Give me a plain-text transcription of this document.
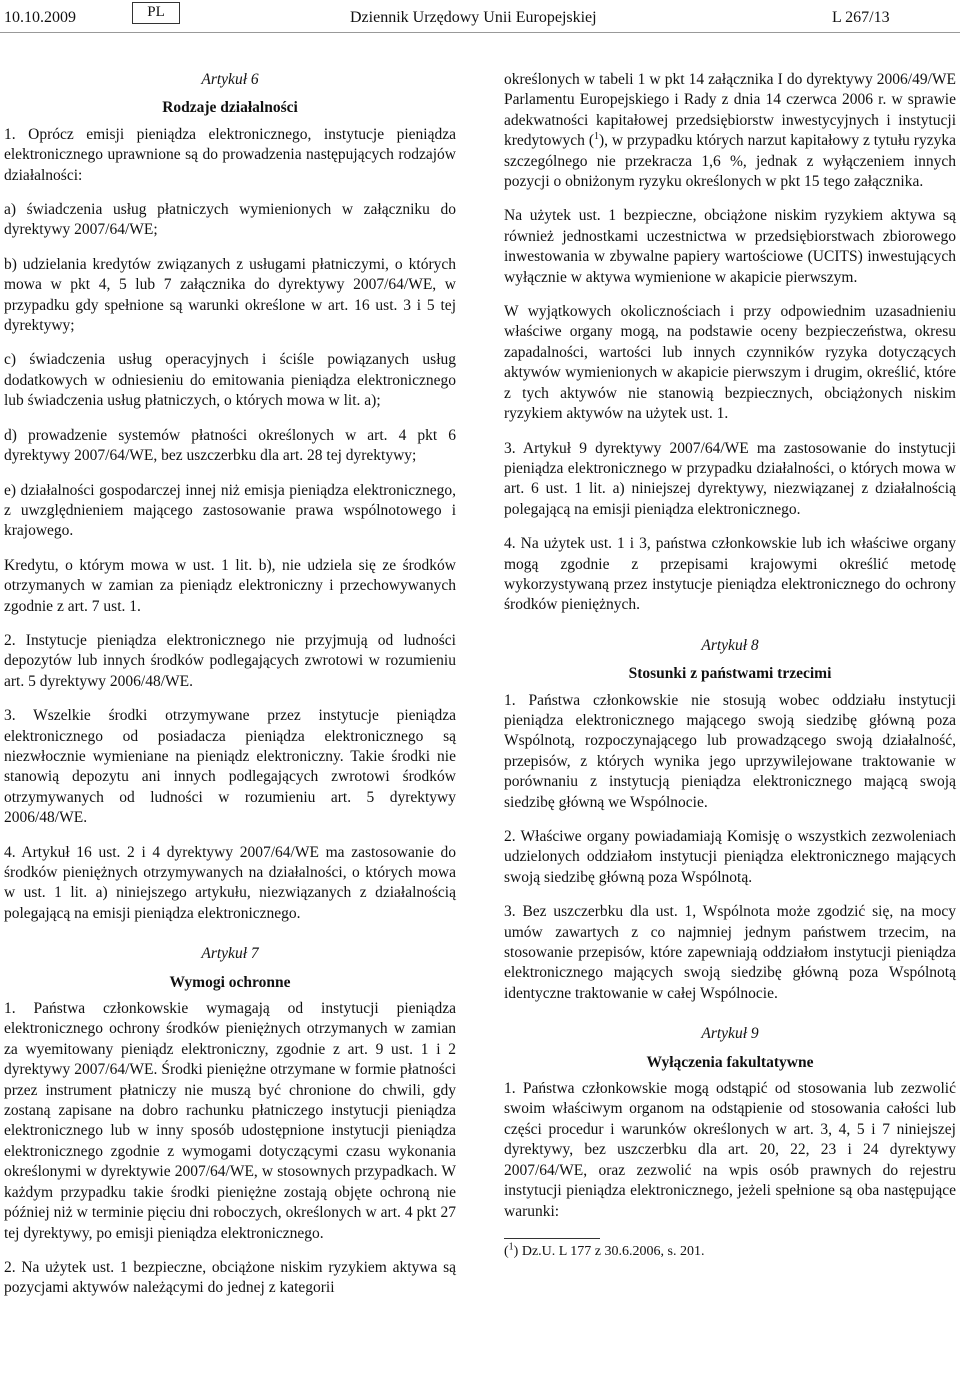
10.10.2009	PL	Dziennik Urzędowy Unii Europejskiej	L 267/13

Artykuł 6

Rodzaje działalności

1. Oprócz emisji pieniądza elektronicznego, instytucje pieniądza elektronicznego uprawnione są do prowadzenia następujących rodzajów działalności:

a) świadczenia usług płatniczych wymienionych w załączniku do dyrektywy 2007/64/WE;

b) udzielania kredytów związanych z usługami płatniczymi, o których mowa w pkt 4, 5 lub 7 załącznika do dyrektywy 2007/64/WE, w przypadku gdy spełnione są warunki określone w art. 16 ust. 3 i 5 tej dyrektywy;

c) świadczenia usług operacyjnych i ściśle powiązanych usług dodatkowych w odniesieniu do emitowania pieniądza elektronicznego lub świadczenia usług płatniczych, o których mowa w lit. a);

d) prowadzenie systemów płatności określonych w art. 4 pkt 6 dyrektywy 2007/64/WE, bez uszczerbku dla art. 28 tej dyrektywy;

e) działalności gospodarczej innej niż emisja pieniądza elektronicznego, z uwzględnieniem mającego zastosowanie prawa wspólnotowego i krajowego.

Kredytu, o którym mowa w ust. 1 lit. b), nie udziela się ze środków otrzymanych w zamian za pieniądz elektroniczny i przechowywanych zgodnie z art. 7 ust. 1.

2. Instytucje pieniądza elektronicznego nie przyjmują od ludności depozytów lub innych środków podlegających zwrotowi w rozumieniu art. 5 dyrektywy 2006/48/WE.

3. Wszelkie środki otrzymywane przez instytucje pieniądza elektronicznego od posiadacza pieniądza elektronicznego są niezwłocznie wymieniane na pieniądz elektroniczny. Takie środki nie stanowią depozytu ani innych podlegających zwrotowi środków otrzymywanych od ludności w rozumieniu art. 5 dyrektywy 2006/48/WE.

4. Artykuł 16 ust. 2 i 4 dyrektywy 2007/64/WE ma zastosowanie do środków pieniężnych otrzymywanych na działalności, o których mowa w ust. 1 lit. a) niniejszego artykułu, niezwiązanych z działalnością polegającą na emisji pieniądza elektronicznego.

Artykuł 7

Wymogi ochronne

1. Państwa członkowskie wymagają od instytucji pieniądza elektronicznego ochrony środków pieniężnych otrzymanych w zamian za wyemitowany pieniądz elektroniczny, zgodnie z art. 9 ust. 1 i 2 dyrektywy 2007/64/WE. Środki pieniężne otrzymane w formie płatności przez instrument płatniczy nie muszą być chronione do chwili, gdy zostaną zapisane na dobro rachunku płatniczego instytucji pieniądza elektronicznego lub w inny sposób udostępnione instytucji pieniądza elektronicznego zgodnie z wymogami dotyczącymi czasu wykonania określonymi w dyrektywie 2007/64/WE, w stosownych przypadkach. W każdym przypadku takie środki pieniężne zostają objęte ochroną nie później niż w terminie pięciu dni roboczych, określonych w art. 4 pkt 27 tej dyrektywy, po emisji pieniądza elektronicznego.

2. Na użytek ust. 1 bezpieczne, obciążone niskim ryzykiem aktywa są pozycjami aktywów należącymi do jednej z kategorii

określonych w tabeli 1 w pkt 14 załącznika I do dyrektywy 2006/49/WE Parlamentu Europejskiego i Rady z dnia 14 czerwca 2006 r. w sprawie adekwatności kapitałowej przedsiębiorstw inwestycyjnych i instytucji kredytowych ($^1$), w przypadku których narzut kapitałowy z tytułu ryzyka szczególnego nie przekracza 1,6 %, jednak z wyłączeniem innych pozycji o obniżonym ryzyku określonych w pkt 15 tego załącznika.

Na użytek ust. 1 bezpieczne, obciążone niskim ryzykiem aktywa są również jednostkami uczestnictwa w przedsiębiorstwach zbiorowego inwestowania w zbywalne papiery wartościowe (UCITS) inwestujących wyłącznie w aktywa wymienione w akapicie pierwszym.

W wyjątkowych okolicznościach i przy odpowiednim uzasadnieniu właściwe organy mogą, na podstawie oceny bezpieczeństwa, okresu zapadalności, wartości lub innych czynników ryzyka dotyczących aktywów wymienionych w akapicie pierwszym i drugim, określić, które z tych aktywów nie stanowią bezpiecznych, obciążonych niskim ryzykiem aktywów na użytek ust. 1.

3. Artykuł 9 dyrektywy 2007/64/WE ma zastosowanie do instytucji pieniądza elektronicznego w przypadku działalności, o których mowa w art. 6 ust. 1 lit. a) niniejszej dyrektywy, niezwiązanej z działalnością polegającą na emisji pieniądza elektronicznego.

4. Na użytek ust. 1 i 3, państwa członkowskie lub ich właściwe organy mogą zgodnie z przepisami krajowymi określić metodę wykorzystywaną przez instytucje pieniądza elektronicznego do ochrony środków pieniężnych.

Artykuł 8

Stosunki z państwami trzecimi

1. Państwa członkowskie nie stosują wobec oddziału instytucji pieniądza elektronicznego mającego swoją siedzibę główną poza Wspólnotą, rozpoczynającego lub prowadzącego swoją działalność, przepisów, z których wynika jego uprzywilejowane traktowanie w porównaniu z instytucją pieniądza elektronicznego mającą swoją siedzibę główną we Wspólnocie.

2. Właściwe organy powiadamiają Komisję o wszystkich zezwoleniach udzielonych oddziałom instytucji pieniądza elektronicznego mających swoją siedzibę główną poza Wspólnotą.

3. Bez uszczerbku dla ust. 1, Wspólnota może zgodzić się, na mocy umów zawartych z co najmniej jednym państwem trzecim, na stosowanie przepisów, które zapewniają oddziałom instytucji pieniądza elektronicznego mających swoją siedzibę główną poza Wspólnotą identyczne traktowanie w całej Wspólnocie.

Artykuł 9

Wyłączenia fakultatywne

1. Państwa członkowskie mogą odstąpić od stosowania lub zezwolić swoim właściwym organom na odstąpienie od stosowania całości lub części procedur i warunków określonych w art. 3, 4, 5 i 7 niniejszej dyrektywy, bez uszczerbku dla art. 20, 22, 23 i 24 dyrektywy 2007/64/WE, oraz zezwolić na wpis osób prawnych do rejestru instytucji pieniądza elektronicznego, jeżeli spełnione są oba następujące warunki:

($^1$) Dz.U. L 177 z 30.6.2006, s. 201.
